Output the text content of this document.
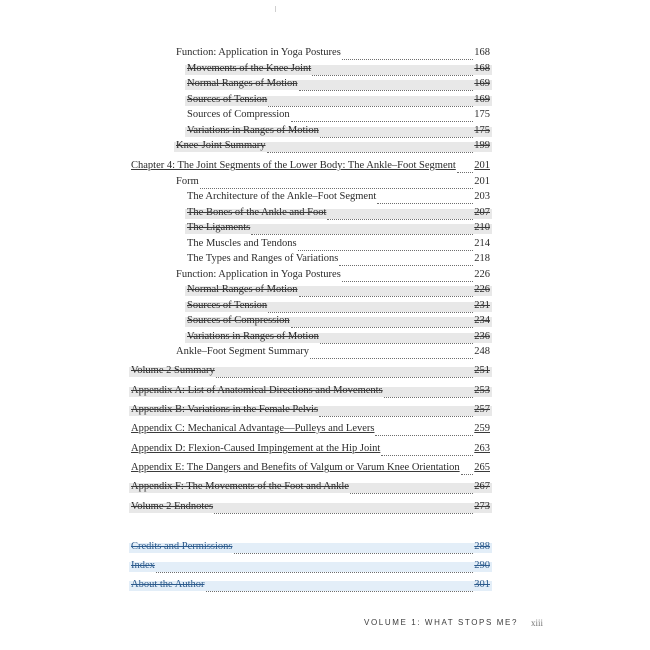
Function: Application in Yoga Postures	168
Movements of the Knee Joint	168
Normal Ranges of Motion	169
Sources of Tension	169
Sources of Compression	175
Variations in Ranges of Motion	175
Knee-Joint Summary	199
Chapter 4: The Joint Segments of the Lower Body: The Ankle–Foot Segment 201
Form	201
The Architecture of the Ankle–Foot Segment	203
The Bones of the Ankle and Foot	207
The Ligaments	210
The Muscles and Tendons	214
The Types and Ranges of Variations	218
Function: Application in Yoga Postures	226
Normal Ranges of Motion	226
Sources of Tension	231
Sources of Compression	234
Variations in Ranges of Motion	236
Ankle–Foot Segment Summary	248
Volume 2 Summary	251
Appendix A: List of Anatomical Directions and Movements	253
Appendix B: Variations in the Female Pelvis	257
Appendix C: Mechanical Advantage—Pulleys and Levers	259
Appendix D: Flexion-Caused Impingement at the Hip Joint	263
Appendix E: The Dangers and Benefits of Valgum or Varum Knee Orientation 265
Appendix F: The Movements of the Foot and Ankle	267
Volume 2 Endnotes	273
Credits and Permissions	288
Index	290
About the Author	301
VOLUME 1: WHAT STOPS ME? xiii
